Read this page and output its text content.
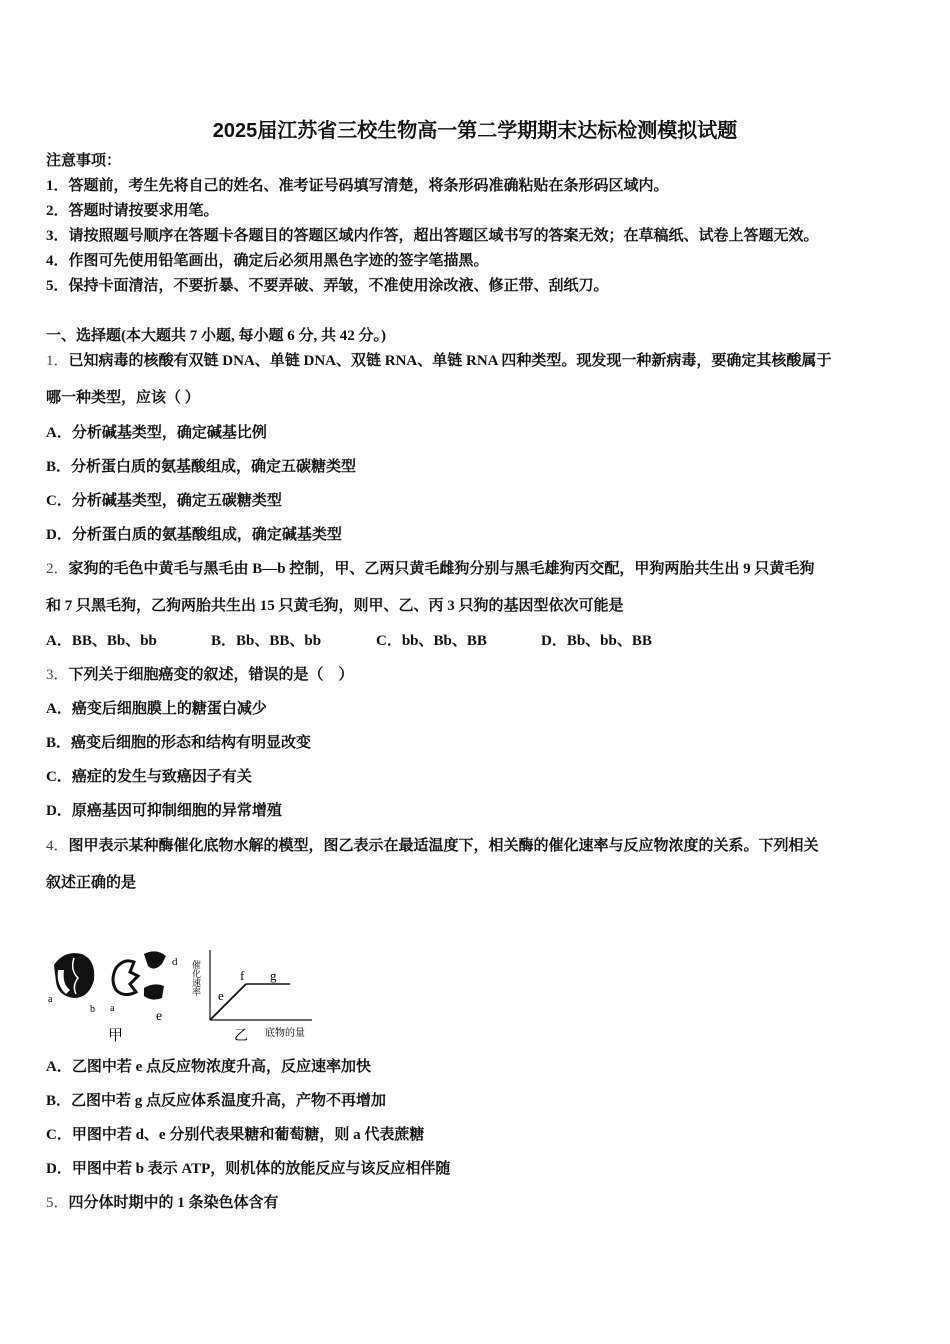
2025届江苏省三校生物高一第二学期期末达标检测模拟试题
注意事项：
1．答题前，考生先将自己的姓名、准考证号码填写清楚，将条形码准确粘贴在条形码区域内。
2．答题时请按要求用笔。
3．请按照题号顺序在答题卡各题目的答题区域内作答，超出答题区域书写的答案无效；在草稿纸、试卷上答题无效。
4．作图可先使用铅笔画出，确定后必须用黑色字迹的签字笔描黑。
5．保持卡面清洁，不要折暴、不要弄破、弄皱，不准使用涂改液、修正带、刮纸刀。
一、选择题(本大题共 7 小题, 每小题 6 分, 共 42 分。)
1．已知病毒的核酸有双链 DNA、单链 DNA、双链 RNA、单链 RNA 四种类型。现发现一种新病毒，要确定其核酸属于
哪一种类型，应该（ ）
A．分析碱基类型，确定碱基比例
B．分析蛋白质的氨基酸组成，确定五碳糖类型
C．分析碱基类型，确定五碳糖类型
D．分析蛋白质的氨基酸组成，确定碱基类型
2．家狗的毛色中黄毛与黑毛由 B—b 控制，甲、乙两只黄毛雌狗分别与黑毛雄狗丙交配，甲狗两胎共生出 9 只黄毛狗
和 7 只黑毛狗，乙狗两胎共生出 15 只黄毛狗，则甲、乙、丙 3 只狗的基因型依次可能是
A．BB、Bb、bb	B．Bb、BB、bb	C．bb、Bb、BB	D．Bb、bb、BB
3．下列关于细胞癌变的叙述，错误的是（　）
A．癌变后细胞膜上的糖蛋白减少
B．癌变后细胞的形态和结构有明显改变
C．癌症的发生与致癌因子有关
D．原癌基因可抑制细胞的异常增殖
4．图甲表示某种酶催化底物水解的模型，图乙表示在最适温度下，相关酶的催化速率与反应物浓度的关系。下列相关
叙述正确的是
a
b a
d
e
甲
催化速率
底物的量
e
f g
乙
A．乙图中若 e 点反应物浓度升高，反应速率加快
B．乙图中若 g 点反应体系温度升高，产物不再增加
C．甲图中若 d、e 分别代表果糖和葡萄糖，则 a 代表蔗糖
D．甲图中若 b 表示 ATP，则机体的放能反应与该反应相伴随
5．四分体时期中的 1 条染色体含有
